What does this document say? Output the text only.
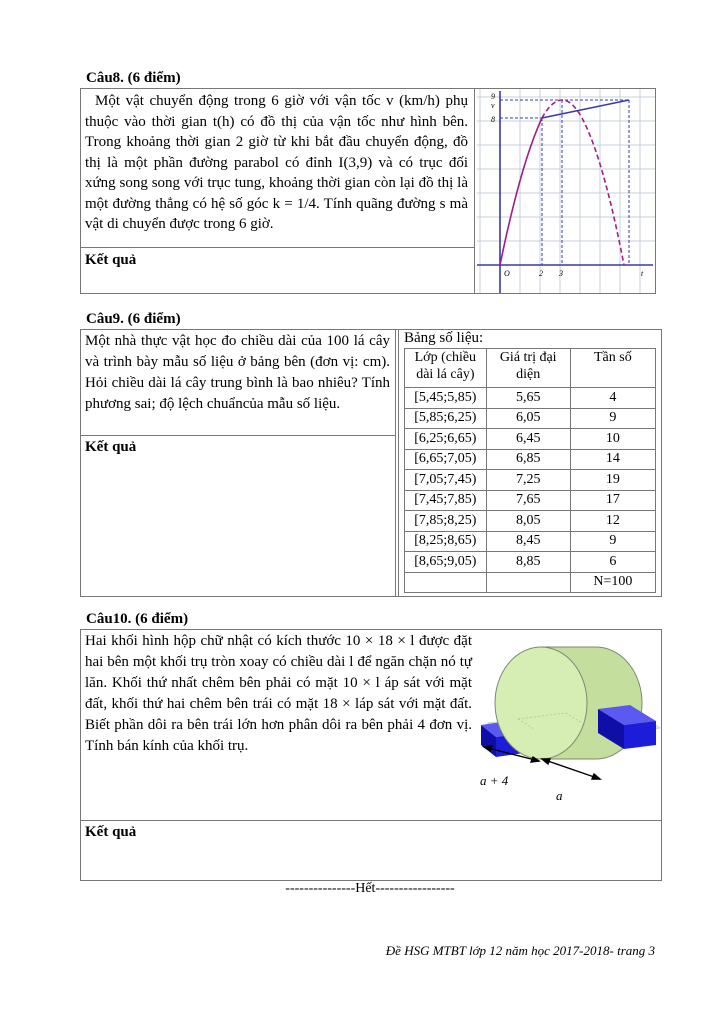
Câu8. (6 điểm)
Một vật chuyển động trong 6 giờ với vận tốc v (km/h) phụ thuộc vào thời gian t(h) có đồ thị của vận tốc như hình bên. Trong khoảng thời gian 2 giờ từ khi bắt đầu chuyển động, đồ thị là một phần đường parabol có đỉnh I(3,9) và có trục đối xứng song song với trục tung, khoảng thời gian còn lại đồ thị là một đường thẳng có hệ số góc k = 1/4. Tính quãng đường s mà vật di chuyển được trong 6 giờ.
Kết quả
9
v
8
O	2 3	t
Câu9. (6 điểm)
Một nhà thực vật học đo chiều dài của 100 lá cây và trình bày mẫu số liệu ở bảng bên (đơn vị: cm). Hỏi chiều dài lá cây trung bình là bao nhiêu? Tính phương sai; độ lệch chuẩncủa mẫu số liệu.
Kết quả
Bảng số liệu:
Lớp (chiều dài lá cây)	Giá trị đại diện	Tần số
[5,45;5,85)	5,65	4
[5,85;6,25)	6,05	9
[6,25;6,65)	6,45	10
[6,65;7,05)	6,85	14
[7,05;7,45)	7,25	19
[7,45;7,85)	7,65	17
[7,85;8,25)	8,05	12
[8,25;8,65)	8,45	9
[8,65;9,05)	8,85	6
		N=100
Câu10. (6 điểm)
Hai khối hình hộp chữ nhật có kích thước 10 × 18 × l được đặt hai bên một khối trụ tròn xoay có chiều dài l để ngăn chặn nó tự lăn. Khối thứ nhất chêm bên phải có mặt 10 × l áp sát với mặt đất, khối thứ hai chêm bên trái có mặt 18 × láp sát với mặt đất. Biết phần dôi ra bên trái lớn hơn phân dôi ra bên phải 4 đơn vị. Tính bán kính của khối trụ.
Kết quả
a + 4
a
---------------Hết-----------------
Đề HSG MTBT lớp 12 năm học 2017-2018- trang 3
